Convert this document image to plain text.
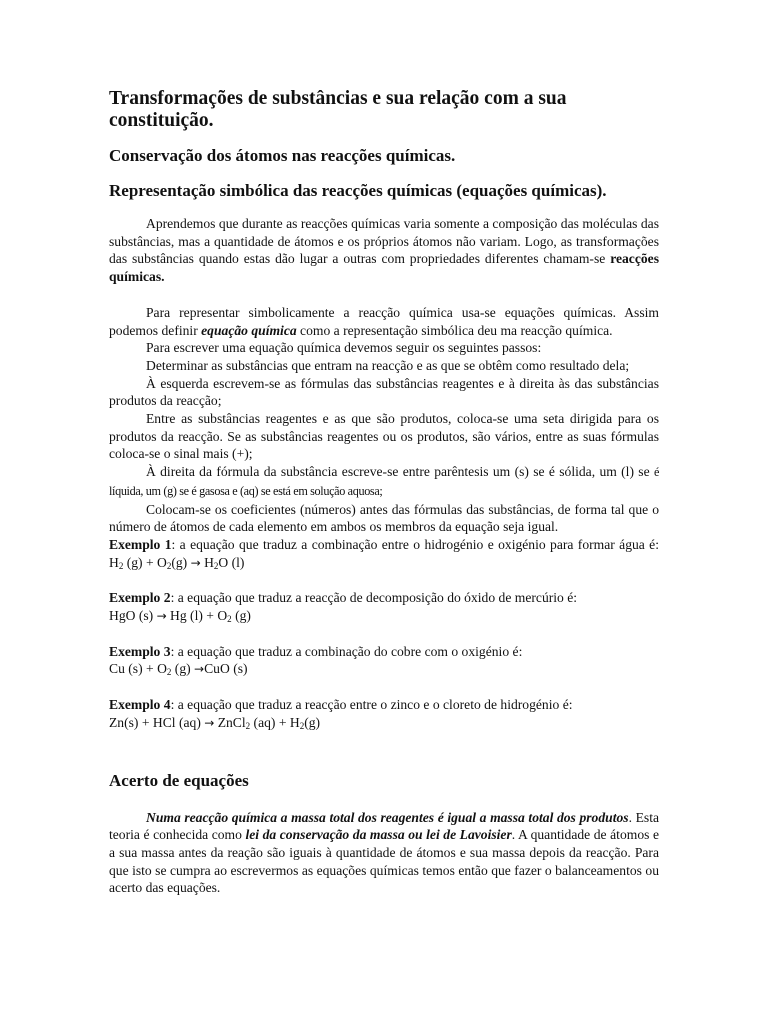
Transformações de substâncias e sua relação com a sua constituição.
Conservação dos átomos nas reacções químicas.
Representação simbólica das reacções químicas (equações químicas).

Aprendemos que durante as reacções químicas varia somente a composição das moléculas das substâncias, mas a quantidade de átomos e os próprios átomos não variam. Logo, as transformações das substâncias quando estas dão lugar a outras com propriedades diferentes chamam-se reacções químicas.

Para representar simbolicamente a reacção química usa-se equações químicas. Assim podemos definir equação química como a representação simbólica deu ma reacção química.

Para escrever uma equação química devemos seguir os seguintes passos:

Determinar as substâncias que entram na reacção e as que se obtêm como resultado dela;

À esquerda escrevem-se as fórmulas das substâncias reagentes e à direita às das substâncias produtos da reacção;

Entre as substâncias reagentes e as que são produtos, coloca-se uma seta dirigida para os produtos da reacção. Se as substâncias reagentes ou os produtos, são vários, entre as suas fórmulas coloca-se o sinal mais (+);

À direita da fórmula da substância escreve-se entre parêntesis um (s) se é sólida, um (l) se é líquida, um (g) se é gasosa e (aq) se está em solução aquosa;

Colocam-se os coeficientes (números) antes das fórmulas das substâncias, de forma tal que o número de átomos de cada elemento em ambos os membros da equação seja igual.

Exemplo 1: a equação que traduz a combinação entre o hidrogénio e oxigénio para formar água é: $H_2$ $(g) + O_2(g) \to H_2O$ (l)

Exemplo 2: a equação que traduz a reacção de decomposição do óxido de mercúrio é:

HgO (s) → Hg $(l) + O_2$ (g)

Exemplo 3: a equação que traduz a combinação do cobre com o oxigénio é:

Cu $(s) + O_2$ (g) →CuO (s)

Exemplo 4: a equação que traduz a reacção entre o zinco e o cloreto de hidrogénio é:

Zn(s) + HCl (aq) → ZnCl$_2$ $(aq) + H_2(g)$

Acerto de equações

Numa reacção química a massa total dos reagentes é igual a massa total dos produtos. Esta teoria é conhecida como lei da conservação da massa ou lei de Lavoisier. A quantidade de átomos e a sua massa antes da reação são iguais à quantidade de átomos e sua massa depois da reacção. Para que isto se cumpra ao escrevermos as equações químicas temos então que fazer o balanceamentos ou acerto das equações.
